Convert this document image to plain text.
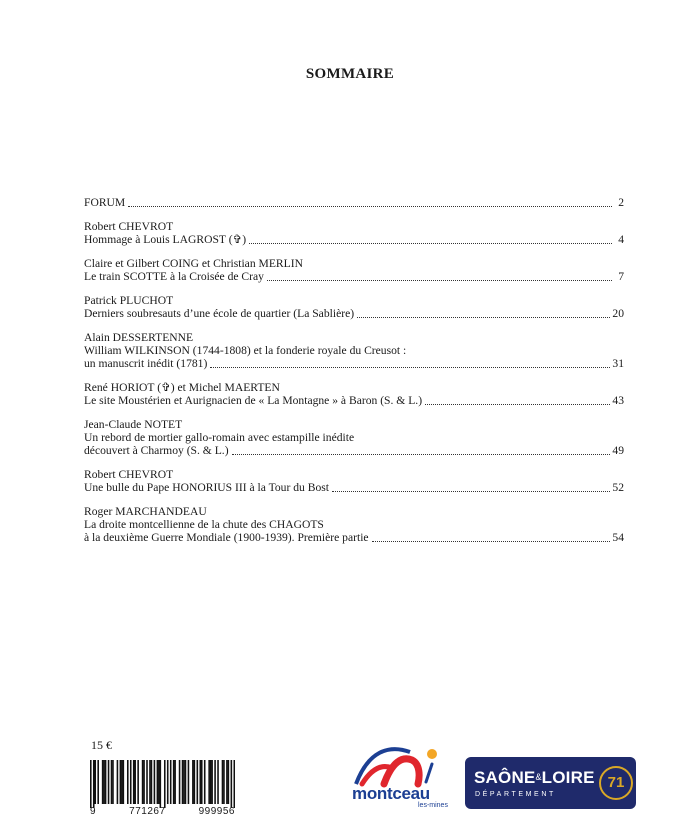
SOMMAIRE
FORUM	2
Robert CHEVROT
Hommage à Louis LAGROST (✞)	4
Claire et Gilbert COING et Christian MERLIN
Le train SCOTTE à la Croisée de Cray	7
Patrick PLUCHOT
Derniers soubresauts d’une école de quartier (La Sablière)	20
Alain DESSERTENNE
William WILKINSON (1744-1808) et la fonderie royale du Creusot :
un manuscrit inédit (1781)	31
René HORIOT (✞) et Michel MAERTEN
Le site Moustérien et Aurignacien de « La Montagne » à Baron (S. & L.)	43
Jean-Claude NOTET
Un rebord de mortier gallo-romain avec estampille inédite
découvert à Charmoy (S. & L.)	49
Robert CHEVROT
Une bulle du Pape HONORIUS III à la Tour du Bost	52
Roger MARCHANDEAU
La droite montcellienne de la chute des CHAGOTS
à la deuxième Guerre Mondiale (1900-1939). Première partie	54
15 €
9	771267	999956
montceau
les-mines
SAÔNE&LOIRE
DÉPARTEMENT
71
